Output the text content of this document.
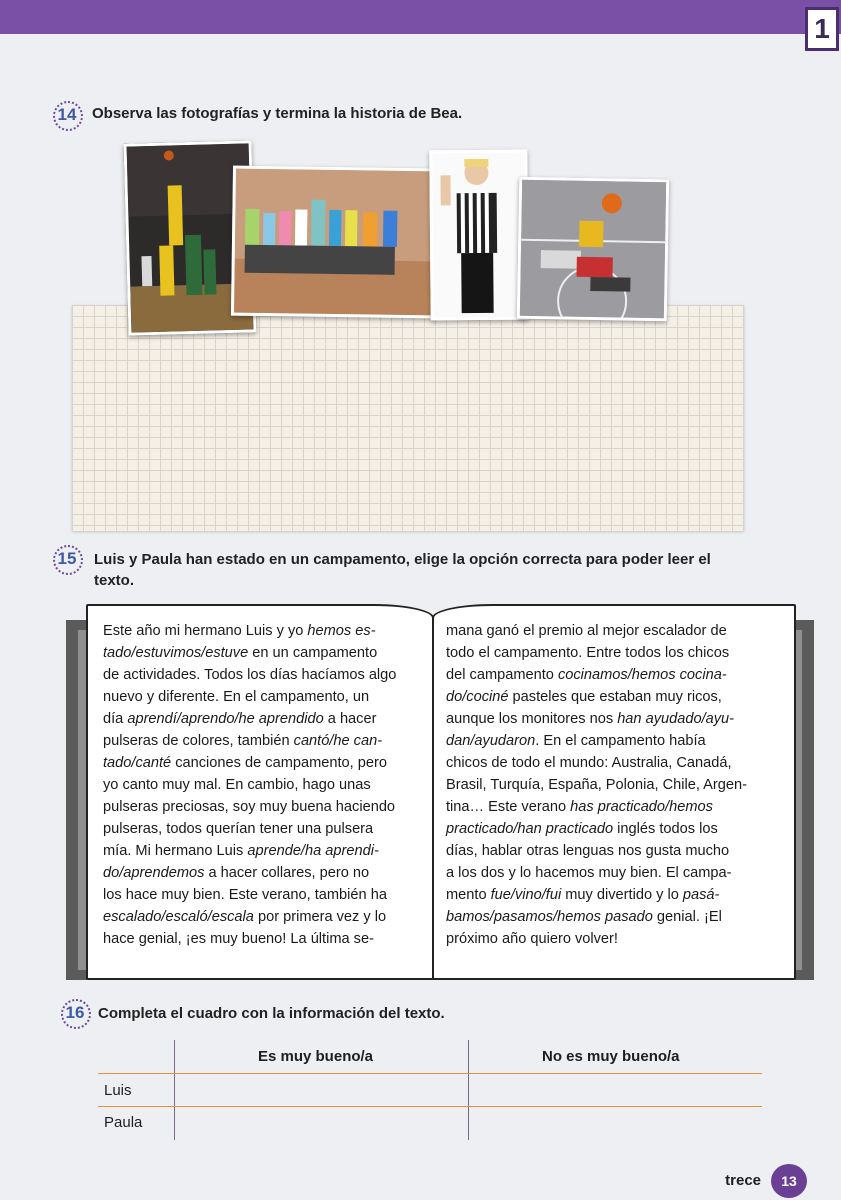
1
14	Observa las fotografías y termina la historia de Bea.
15	Luis y Paula han estado en un campamento, elige la opción correcta para poder leer el
texto.
Este año mi hermano Luis y yo hemos es-
tado/estuvimos/estuve en un campamento
de actividades. Todos los días hacíamos algo
nuevo y diferente. En el campamento, un
día aprendí/aprendo/he aprendido a hacer
pulseras de colores, también cantó/he can-
tado/canté canciones de campamento, pero
yo canto muy mal. En cambio, hago unas
pulseras preciosas, soy muy buena haciendo
pulseras, todos querían tener una pulsera
mía. Mi hermano Luis aprende/ha aprendi-
do/aprendemos a hacer collares, pero no
los hace muy bien. Este verano, también ha
escalado/escaló/escala por primera vez y lo
hace genial, ¡es muy bueno! La última se-
mana ganó el premio al mejor escalador de
todo el campamento. Entre todos los chicos
del campamento cocinamos/hemos cocina-
do/cociné pasteles que estaban muy ricos,
aunque los monitores nos han ayudado/ayu-
dan/ayudaron. En el campamento había
chicos de todo el mundo: Australia, Canadá,
Brasil, Turquía, España, Polonia, Chile, Argen-
tina… Este verano has practicado/hemos
practicado/han practicado inglés todos los
días, hablar otras lenguas nos gusta mucho
a los dos y lo hacemos muy bien. El campa-
mento fue/vino/fui muy divertido y lo pasá-
bamos/pasamos/hemos pasado genial. ¡El
próximo año quiero volver!
16 Completa el cuadro con la información del texto.
Es muy bueno/a	No es muy bueno/a
Luis
Paula
trece	13
